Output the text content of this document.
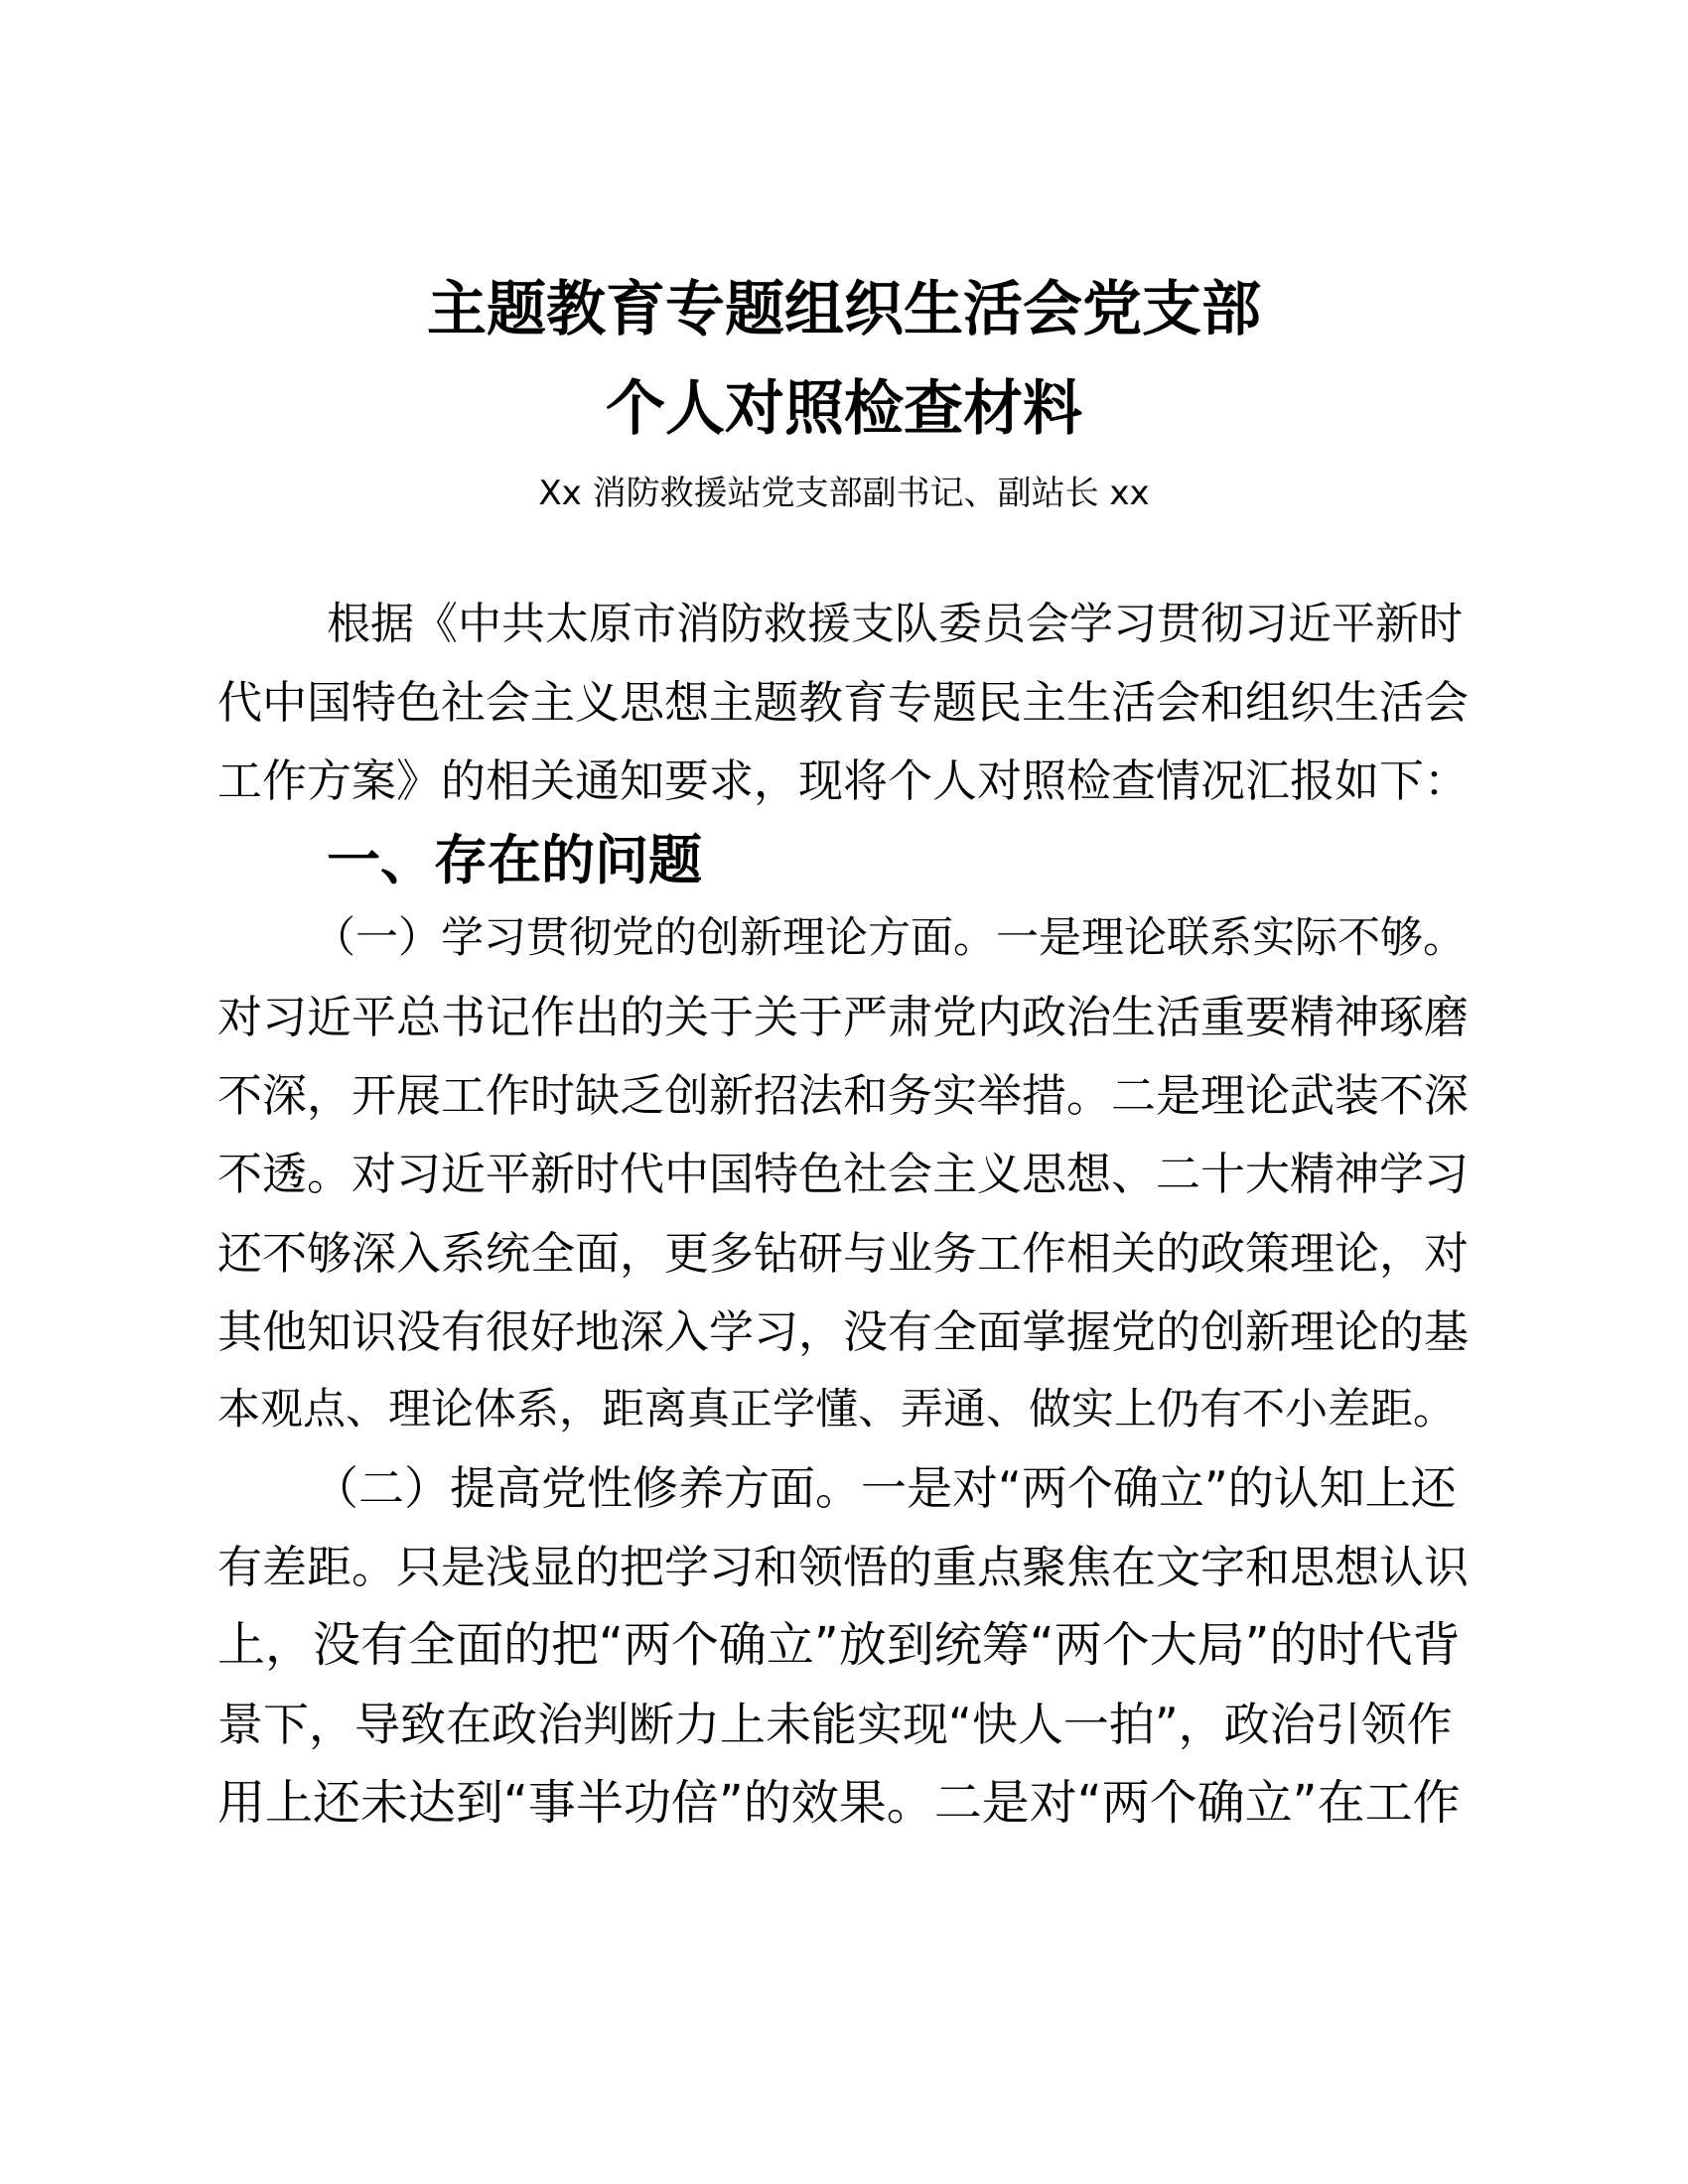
主题教育专题组织生活会党支部
个人对照检查材料
Xx 消防救援站党支部副书记、副站长 xx
根据《中共太原市消防救援支队委员会学习贯彻习近平新时
代中国特色社会主义思想主题教育专题民主生活会和组织生活会
工作方案》的相关通知要求，现将个人对照检查情况汇报如下：
一、存在的问题
（一）学习贯彻党的创新理论方面。一是理论联系实际不够。
对习近平总书记作出的关于关于严肃党内政治生活重要精神琢磨
不深，开展工作时缺乏创新招法和务实举措。二是理论武装不深
不透。对习近平新时代中国特色社会主义思想、二十大精神学习
还不够深入系统全面，更多钻研与业务工作相关的政策理论，对
其他知识没有很好地深入学习，没有全面掌握党的创新理论的基
本观点、理论体系，距离真正学懂、弄通、做实上仍有不小差距。
（二）提高党性修养方面。一是对“两个确立”的认知上还
有差距。只是浅显的把学习和领悟的重点聚焦在文字和思想认识
上，没有全面的把“两个确立”放到统筹“两个大局”的时代背
景下，导致在政治判断力上未能实现“快人一拍”，政治引领作
用上还未达到“事半功倍”的效果。二是对“两个确立”在工作
